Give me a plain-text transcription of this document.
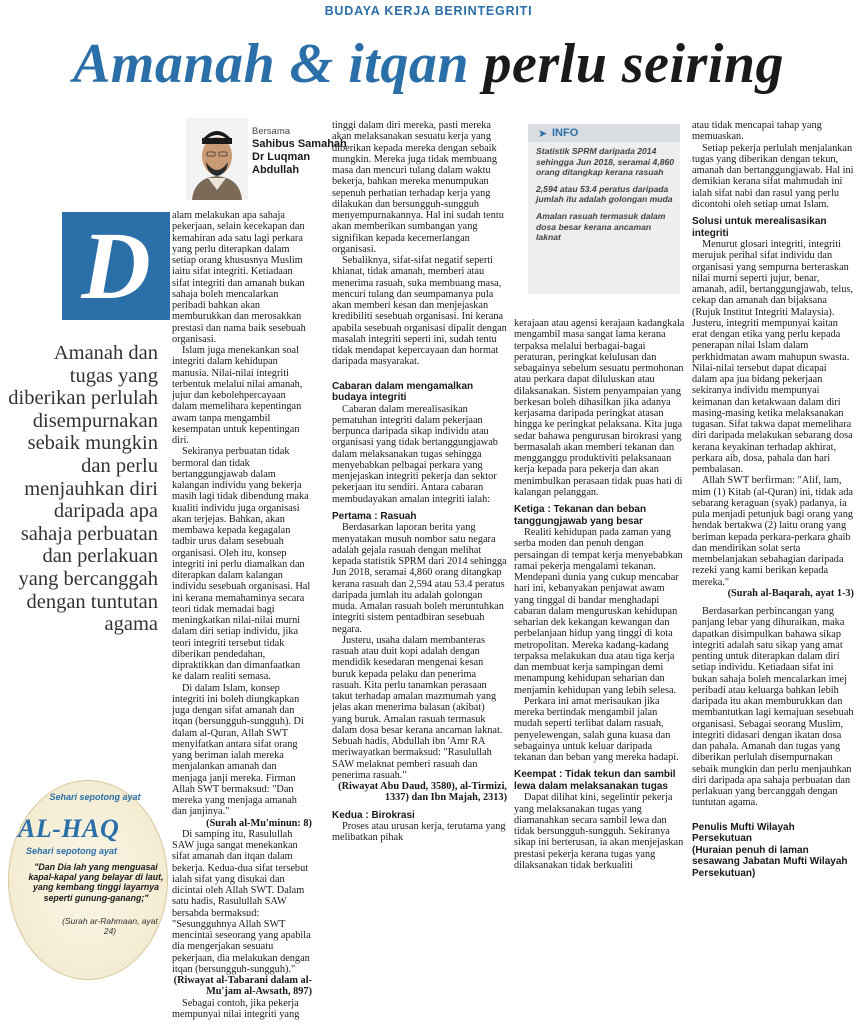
BUDAYA KERJA BERINTEGRITI
Amanah & itqan perlu seiring
Bersama
Sahibus Samahah
Dr Luqman
Abdullah
D
Amanah dan tugas yang diberikan perlulah disempurnakan sebaik mungkin dan perlu menjauhkan diri daripada apa sahaja perbuatan dan perlakuan yang bercanggah dengan tuntutan agama
Sehari sepotong ayat
AL-HAQ
Sehari sepotong ayat
"Dan Dia lah yang menguasai kapal-kapal yang belayar di laut, yang kembang tinggi layarnya seperti gunung-ganang;"
(Surah ar-Rahmaan, ayat 24)

alam melakukan apa sahaja pekerjaan, selain kecekapan dan kemahiran ada satu lagi perkara yang perlu diterapkan dalam setiap orang khususnya Muslim iaitu sifat integriti. Ketiadaan sifat integriti dan amanah bukan sahaja boleh mencalarkan peribadi bahkan akan memburukkan dan merosakkan prestasi dan nama baik sesebuah organisasi.

Islam juga menekankan soal integriti dalam kehidupan manusia. Nilai-nilai integriti terbentuk melalui nilai amanah, jujur dan kebolehpercayaan dalam memelihara kepentingan awam tanpa mengambil kesempatan untuk kepentingan diri.

Sekiranya perbuatan tidak bermoral dan tidak bertanggungjawab dalam kalangan individu yang bekerja masih lagi tidak dibendung maka kualiti individu juga organisasi akan terjejas. Bahkan, akan membawa kepada kegagalan tadbir urus dalam sesebuah organisasi. Oleh itu, konsep integriti ini perlu diamalkan dan diterapkan dalam kalangan individu sesebuah organisasi. Hal ini kerana memahaminya secara teori tidak memadai bagi meningkatkan nilai-nilai murni dalam diri setiap individu, jika teori integriti tersebut tidak diberikan pendedahan, dipraktikkan dan dimanfaatkan ke dalam realiti semasa.

Di dalam Islam, konsep integriti ini boleh diungkapkan juga dengan sifat amanah dan itqan (bersungguh-sungguh). Di dalam al-Quran, Allah SWT menyifatkan antara sifat orang yang beriman ialah mereka menjalankan amanah dan menjaga janji mereka. Firman Allah SWT bermaksud: "Dan mereka yang menjaga amanah dan janjinya."

(Surah al-Mu'minun: 8)

Di samping itu, Rasulullah SAW juga sangat menekankan sifat amanah dan itqan dalam bekerja. Kedua-dua sifat tersebut ialah sifat yang disukai dan dicintai oleh Allah SWT. Dalam satu hadis, Rasulullah SAW bersabda bermaksud: "Sesungguhnya Allah SWT mencintai seseorang yang apabila dia mengerjakan sesuatu pekerjaan, dia melakukan dengan itqan (bersungguh-sungguh)."

(Riwayat al-Tabarani dalam al-Mu'jam al-Awsath, 897)

Sebagai contoh, jika pekerja mempunyai nilai integriti yang

tinggi dalam diri mereka, pasti mereka akan melaksanakan sesuatu kerja yang diberikan kepada mereka dengan sebaik mungkin. Mereka juga tidak membuang masa dan mencuri tulang dalam waktu bekerja, bahkan mereka menumpukan sepenuh perhatian terhadap kerja yang dilakukan dan bersungguh-sungguh menyempurnakannya. Hal ini sudah tentu akan memberikan sumbangan yang signifikan kepada kecemerlangan organisasi.

Sebaliknya, sifat-sifat negatif seperti khianat, tidak amanah, memberi atau menerima rasuah, suka membuang masa, mencuri tulang dan seumpamanya pula akan memberi kesan dan menjejaskan kredibiliti sesebuah organisasi. Ini kerana apabila sesebuah organisasi dipalit dengan masalah integriti seperti ini, sudah tentu tidak mendapat kepercayaan dan hormat daripada masyarakat.

Cabaran dalam mengamalkan budaya integriti

Cabaran dalam merealisasikan pematuhan integriti dalam pekerjaan berpunca daripada sikap individu atau organisasi yang tidak bertanggungjawab dalam melaksanakan tugas sehingga menyebabkan pelbagai perkara yang menjejaskan integriti pekerja dan sektor pekerjaan itu sendiri. Antara cabaran membudayakan amalan integriti ialah:

Pertama : Rasuah

Berdasarkan laporan berita yang menyatakan musuh nombor satu negara adalah gejala rasuah dengan melihat kepada statistik SPRM dari 2014 sehingga Jun 2018, seramai 4,860 orang ditangkap kerana rasuah dan 2,594 atau 53.4 peratus daripada jumlah itu adalah golongan muda. Amalan rasuah boleh meruntuhkan integriti sistem pentadbiran sesebuah negara.

Justeru, usaha dalam membanteras rasuah atau duit kopi adalah dengan mendidik kesedaran mengenai kesan buruk kepada pelaku dan penerima rasuah. Kita perlu tanamkan perasaan takut terhadap amalan mazmumah yang jelas akan menerima balasan (akibat) yang buruk. Amalan rasuah termasuk dalam dosa besar kerana ancaman laknat. Sebuah hadis, Abdullah ibn 'Amr RA meriwayatkan bermaksud: "Rasulullah SAW melaknat pemberi rasuah dan penerima rasuah."

(Riwayat Abu Daud, 3580), al-Tirmizi, 1337) dan Ibn Majah, 2313)

Kedua : Birokrasi

Proses atau urusan kerja, terutama yang melibatkan pihak

➤ INFO

Statistik SPRM daripada 2014 sehingga Jun 2018, seramai 4,860 orang ditangkap kerana rasuah

2,594 atau 53.4 peratus daripada jumlah itu adalah golongan muda

Amalan rasuah termasuk dalam dosa besar kerana ancaman laknat

kerajaan atau agensi kerajaan kadangkala mengambil masa sangat lama kerana terpaksa melalui berbagai-bagai peraturan, peringkat kelulusan dan sebagainya sebelum sesuatu permohonan atau perkara dapat diluluskan atau dilaksanakan. Sistem penyampaian yang berkesan boleh dihasilkan jika adanya kerjasama daripada peringkat atasan hingga ke peringkat pelaksana. Kita juga sedar bahawa pengurusan birokrasi yang bermasalah akan memberi tekanan dan mengganggu produktiviti pelaksanaan kerja kepada para pekerja dan akan menimbulkan perasaan tidak puas hati di kalangan pelanggan.

Ketiga : Tekanan dan beban tanggungjawab yang besar

Realiti kehidupan pada zaman yang serba moden dan penuh dengan persaingan di tempat kerja menyebabkan ramai pekerja mengalami tekanan. Mendepani dunia yang cukup mencabar hari ini, kebanyakan penjawat awam yang tinggal di bandar menghadapi cabaran dalam menguruskan kehidupan seharian dek kekangan kewangan dan perbelanjaan hidup yang tinggi di kota metropolitan. Mereka kadang-kadang terpaksa melakukan dua atau tiga kerja dan membuat kerja sampingan demi menampung kehidupan seharian dan menjamin kehidupan yang lebih selesa.

Perkara ini amat merisaukan jika mereka bertindak mengambil jalan mudah seperti terlibat dalam rasuah, penyelewengan, salah guna kuasa dan sebagainya untuk keluar daripada tekanan dan beban yang mereka hadapi.

Keempat : Tidak tekun dan sambil lewa dalam melaksanakan tugas

Dapat dilihat kini, segelintir pekerja yang melaksanakan tugas yang diamanahkan secara sambil lewa dan tidak bersungguh-sungguh. Sekiranya sikap ini berterusan, ia akan menjejaskan prestasi pekerja kerana tugas yang dilaksanakan tidak berkualiti

atau tidak mencapai tahap yang memuaskan.

Setiap pekerja perlulah menjalankan tugas yang diberikan dengan tekun, amanah dan bertanggungjawab. Hal ini demikian kerana sifat mahmudah ini ialah sifat nabi dan rasul yang perlu dicontohi oleh setiap umat Islam.

Solusi untuk merealisasikan integriti

Menurut glosari integriti, integriti merujuk perihal sifat individu dan organisasi yang sempurna berteraskan nilai murni seperti jujur, benar, amanah, adil, bertanggungjawab, telus, cekap dan amanah dan bijaksana (Rujuk Institut Integriti Malaysia). Justeru, integriti mempunyai kaitan erat dengan etika yang perlu kepada penerapan nilai Islam dalam perkhidmatan awam mahupun swasta. Nilai-nilai tersebut dapat dicapai dalam apa jua bidang pekerjaan sekiranya individu mempunyai keimanan dan ketakwaan dalam diri masing-masing ketika melaksanakan tugasan. Sifat takwa dapat memelihara diri daripada melakukan sebarang dosa kerana keyakinan terhadap akhirat, perkara aib, dosa, pahala dan hari pembalasan.

Allah SWT berfirman: "Alif, lam, mim (1) Kitab (al-Quran) ini, tidak ada sebarang keraguan (syak) padanya, ia pula menjadi petunjuk bagi orang yang hendak bertakwa (2) laitu orang yang beriman kepada perkara-perkara ghaib dan mendirikan solat serta membelanjakan sebahagian daripada rezeki yang kami berikan kepada mereka."

(Surah al-Baqarah, ayat 1-3)

Berdasarkan perbincangan yang panjang lebar yang dihuraikan, maka dapatkan disimpulkan bahawa sikap integriti adalah satu sikap yang amat penting untuk diterapkan dalam diri setiap individu. Ketiadaan sifat ini bukan sahaja boleh mencalarkan imej peribadi atau keluarga bahkan lebih daripada itu akan memburukkan dan membantutkan lagi kemajuan sesebuah organisasi. Sebagai seorang Muslim, integriti didasari dengan ikatan dosa dan pahala. Amanah dan tugas yang diberikan perlulah disempurnakan sebaik mungkin dan perlu menjauhkan diri daripada apa sahaja perbuatan dan perlakuan yang bercanggah dengan tuntutan agama.

Penulis Mufti Wilayah Persekutuan

(Huraian penuh di laman sesawang Jabatan Mufti Wilayah Persekutuan)
